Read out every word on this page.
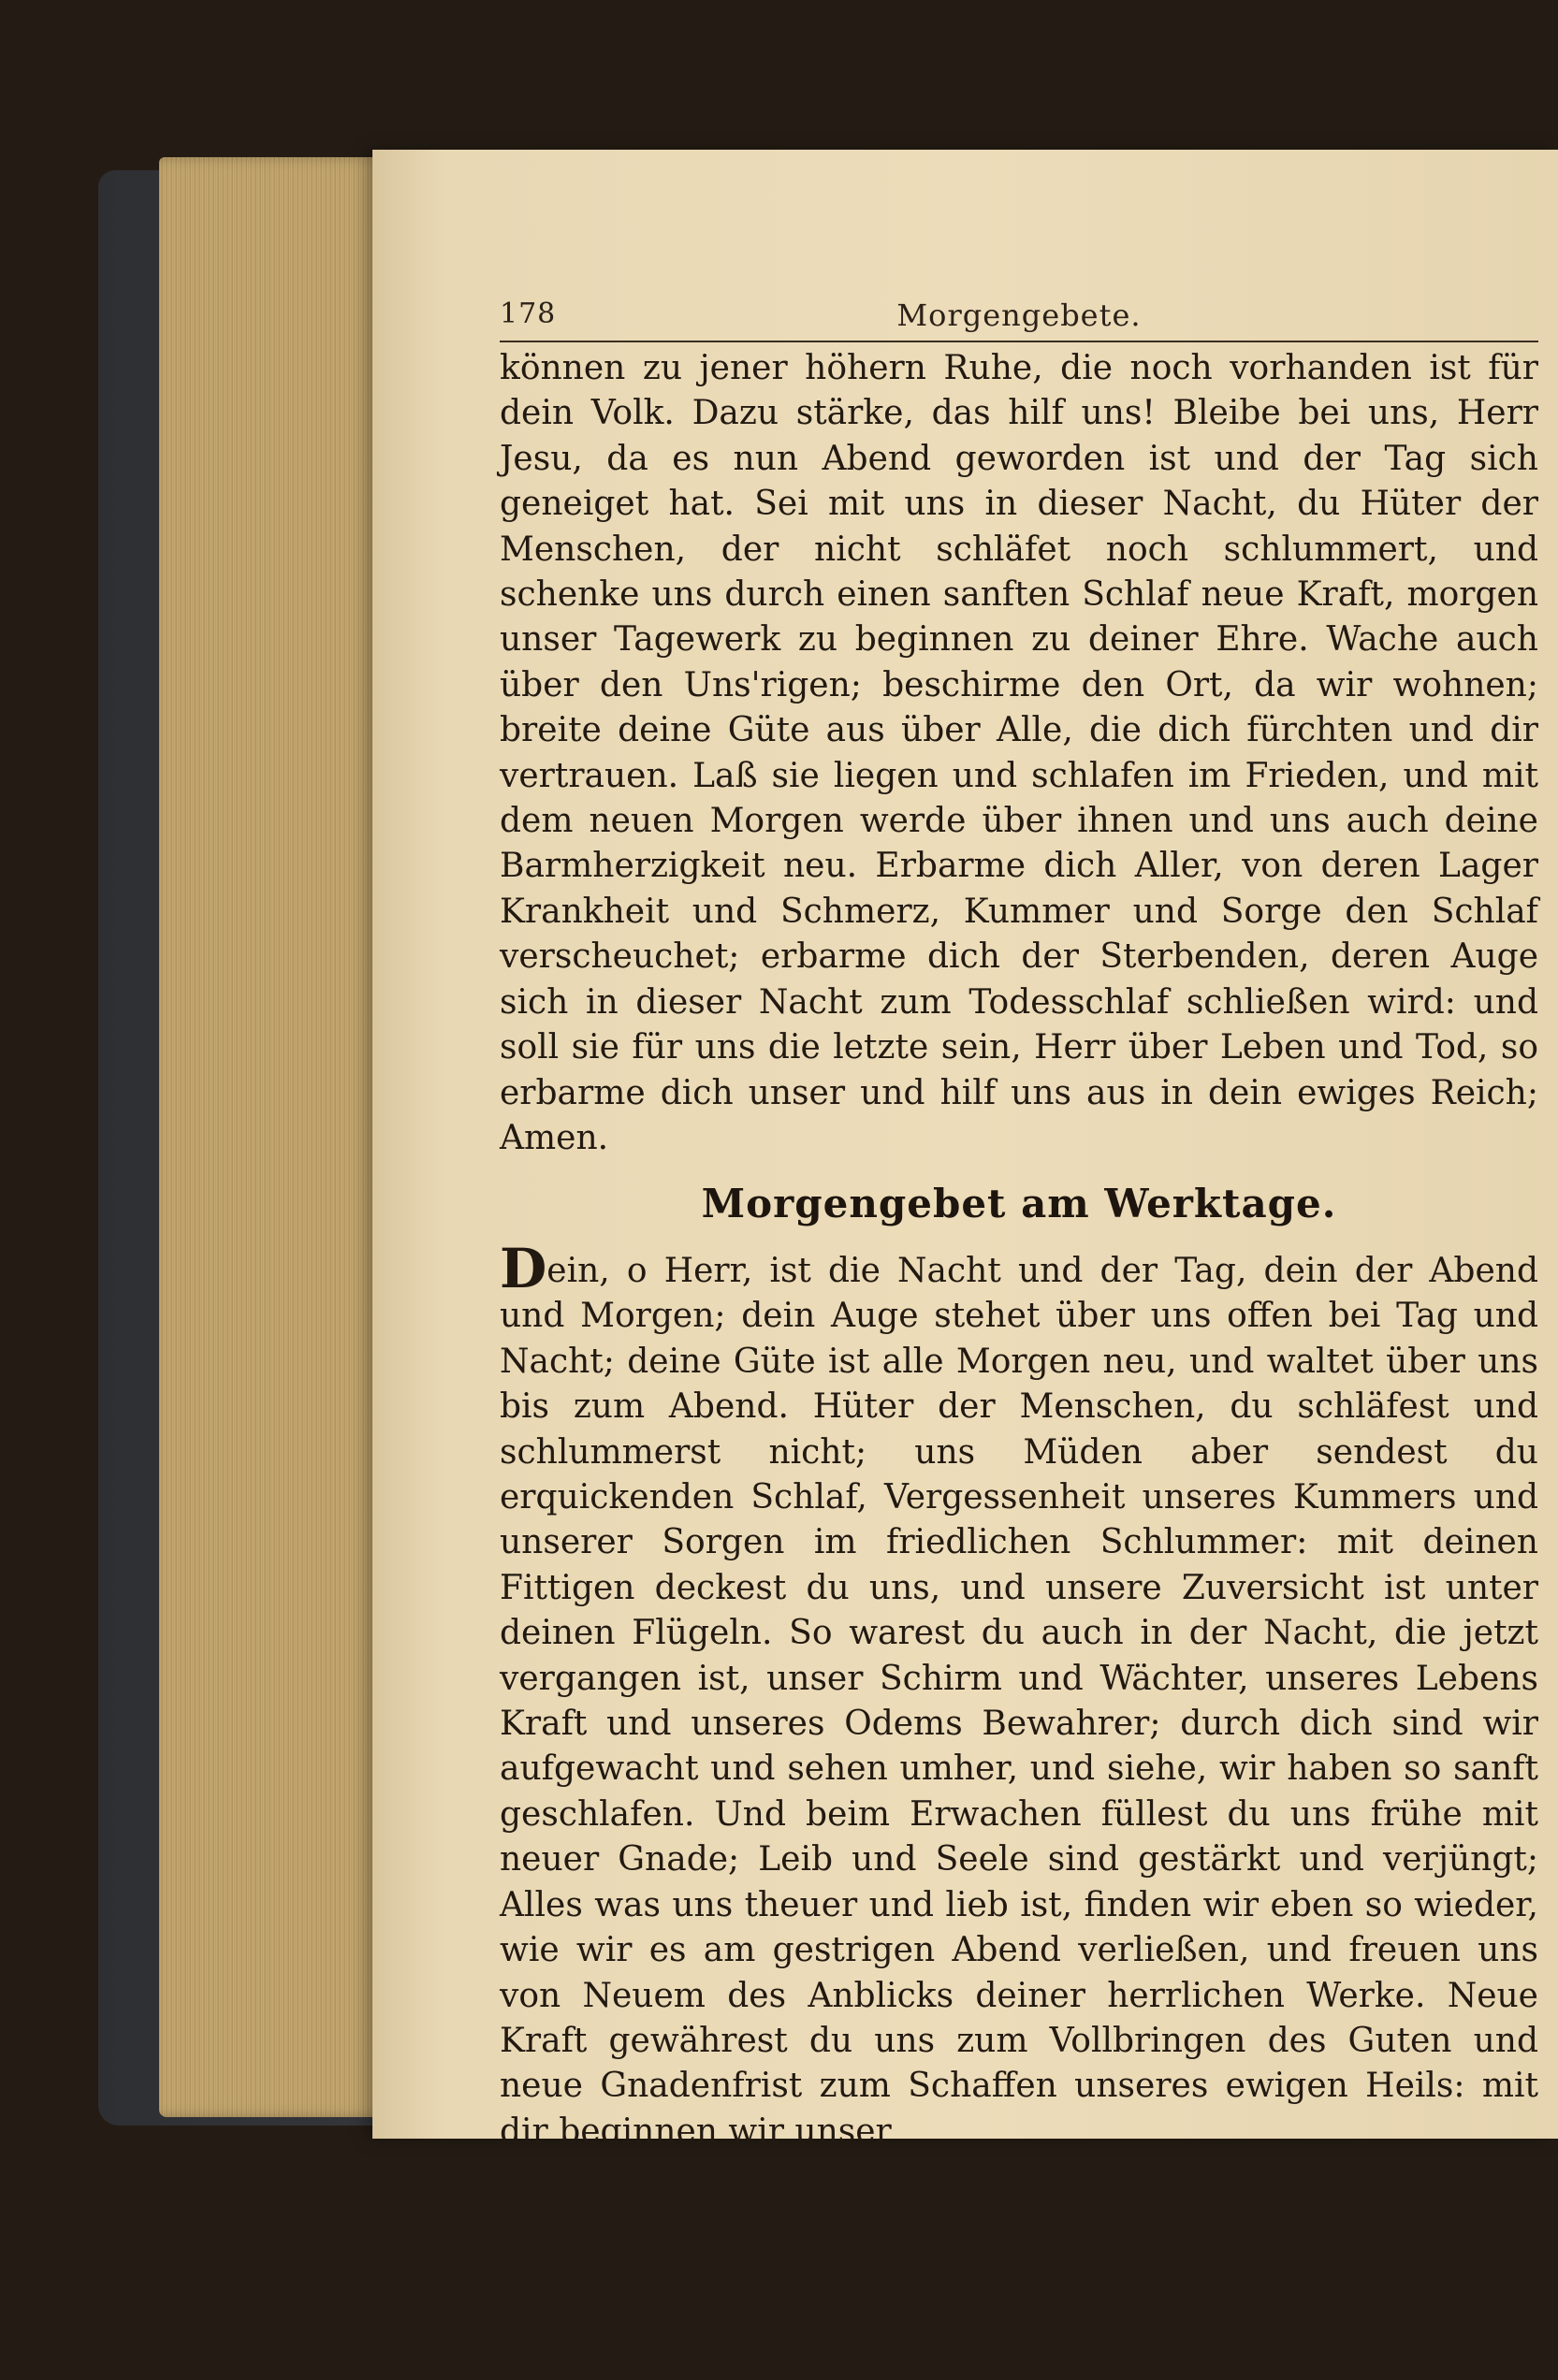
178	Morgengebete.

können zu jener höhern Ruhe, die noch vorhanden ist für dein Volk. Dazu stärke, das hilf uns! Bleibe bei uns, Herr Jesu, da es nun Abend geworden ist und der Tag sich geneiget hat. Sei mit uns in dieser Nacht, du Hüter der Menschen, der nicht schläfet noch schlummert, und schenke uns durch einen sanften Schlaf neue Kraft, morgen unser Tagewerk zu beginnen zu deiner Ehre. Wache auch über den Uns'rigen; beschirme den Ort, da wir wohnen; breite deine Güte aus über Alle, die dich fürchten und dir vertrauen. Laß sie liegen und schlafen im Frieden, und mit dem neuen Morgen werde über ihnen und uns auch deine Barmherzigkeit neu. Erbarme dich Aller, von deren Lager Krankheit und Schmerz, Kummer und Sorge den Schlaf verscheuchet; erbarme dich der Sterbenden, deren Auge sich in dieser Nacht zum Todesschlaf schließen wird: und soll sie für uns die letzte sein, Herr über Leben und Tod, so erbarme dich unser und hilf uns aus in dein ewiges Reich; Amen.

Morgengebet am Werktage.

Dein, o Herr, ist die Nacht und der Tag, dein der Abend und Morgen; dein Auge stehet über uns offen bei Tag und Nacht; deine Güte ist alle Morgen neu, und waltet über uns bis zum Abend. Hüter der Menschen, du schläfest und schlummerst nicht; uns Müden aber sendest du erquickenden Schlaf, Vergessenheit unseres Kummers und unserer Sorgen im friedlichen Schlummer: mit deinen Fittigen deckest du uns, und unsere Zuversicht ist unter deinen Flügeln. So warest du auch in der Nacht, die jetzt vergangen ist, unser Schirm und Wächter, unseres Lebens Kraft und unseres Odems Bewahrer; durch dich sind wir aufgewacht und sehen umher, und siehe, wir haben so sanft geschlafen. Und beim Erwachen füllest du uns frühe mit neuer Gnade; Leib und Seele sind gestärkt und verjüngt; Alles was uns theuer und lieb ist, finden wir eben so wieder, wie wir es am gestrigen Abend verließen, und freuen uns von Neuem des Anblicks deiner herrlichen Werke. Neue Kraft gewährest du uns zum Vollbringen des Guten und neue Gnadenfrist zum Schaffen unseres ewigen Heils: mit dir beginnen wir unser
